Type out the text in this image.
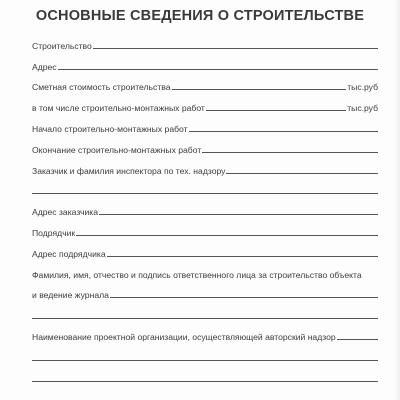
ОСНОВНЫЕ СВЕДЕНИЯ О СТРОИТЕЛЬСТВЕ
Строительство
Адрес
Сметная стоимость строительства	тыс.руб
в том числе строительно-монтажных работ	тыс.руб
Начало строительно-монтажных работ
Окончание строительно-монтажных работ
Заказчик и фамилия инспектора по тех. надзору
Адрес заказчика
Подрядчик
Адрес подрядчика
Фамилия, имя, отчество и подпись ответственного лица за строительство объекта
и ведение журнала
Наименование проектной организации, осуществляющей авторский надзор
